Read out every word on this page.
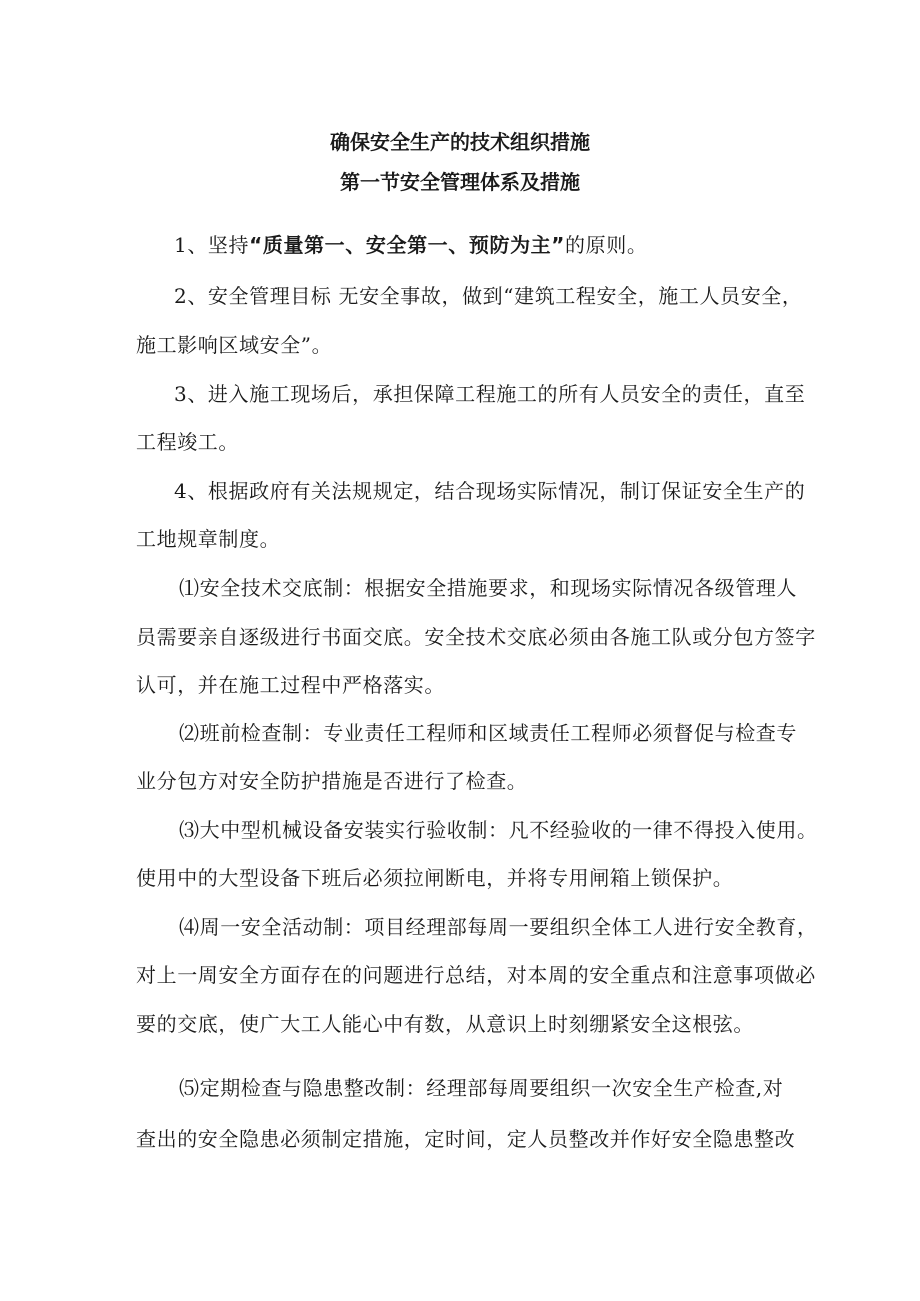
确保安全生产的技术组织措施
第一节安全管理体系及措施
1、坚持“质量第一、安全第一、预防为主”的原则。
2、安全管理目标 无安全事故，做到“建筑工程安全，施工人员安全，
施工影响区域安全”。
3、进入施工现场后，承担保障工程施工的所有人员安全的责任，直至
工程竣工。
4、根据政府有关法规规定，结合现场实际情况，制订保证安全生产的
工地规章制度。
⑴安全技术交底制：根据安全措施要求，和现场实际情况各级管理人
员需要亲自逐级进行书面交底。安全技术交底必须由各施工队或分包方签字
认可，并在施工过程中严格落实。
⑵班前检查制：专业责任工程师和区域责任工程师必须督促与检查专
业分包方对安全防护措施是否进行了检查。
⑶大中型机械设备安装实行验收制：凡不经验收的一律不得投入使用。
使用中的大型设备下班后必须拉闸断电，并将专用闸箱上锁保护。
⑷周一安全活动制：项目经理部每周一要组织全体工人进行安全教育，
对上一周安全方面存在的问题进行总结，对本周的安全重点和注意事项做必
要的交底，使广大工人能心中有数，从意识上时刻绷紧安全这根弦。
⑸定期检查与隐患整改制：经理部每周要组织一次安全生产检查,对
查出的安全隐患必须制定措施，定时间，定人员整改并作好安全隐患整改
